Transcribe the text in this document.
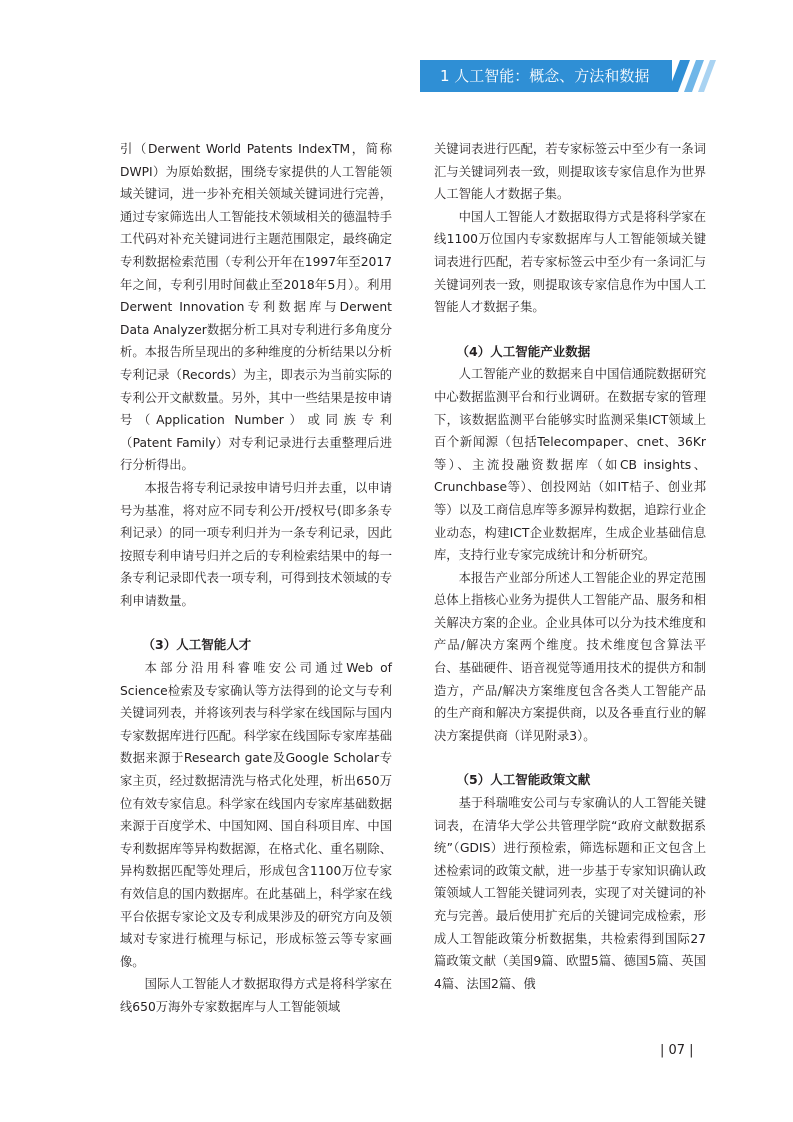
1 人工智能：概念、方法和数据

引（Derwent World Patents IndexTM，简称DWPI）为原始数据，围绕专家提供的人工智能领域关键词，进一步补充相关领域关键词进行完善，通过专家筛选出人工智能技术领域相关的德温特手工代码对补充关键词进行主题范围限定，最终确定专利数据检索范围（专利公开年在1997年至2017年之间，专利引用时间截止至2018年5月）。利用Derwent Innovation专利数据库与Derwent Data Analyzer数据分析工具对专利进行多角度分析。本报告所呈现出的多种维度的分析结果以分析专利记录（Records）为主，即表示为当前实际的专利公开文献数量。另外，其中一些结果是按申请号（Application Number）或同族专利（Patent Family）对专利记录进行去重整理后进行分析得出。

本报告将专利记录按申请号归并去重，以申请号为基准，将对应不同专利公开/授权号(即多条专利记录）的同一项专利归并为一条专利记录，因此按照专利申请号归并之后的专利检索结果中的每一条专利记录即代表一项专利，可得到技术领域的专利申请数量。

（3）人工智能人才

本部分沿用科睿唯安公司通过Web of Science检索及专家确认等方法得到的论文与专利关键词列表，并将该列表与科学家在线国际与国内专家数据库进行匹配。科学家在线国际专家库基础数据来源于Research gate及Google Scholar专家主页，经过数据清洗与格式化处理，析出650万位有效专家信息。科学家在线国内专家库基础数据来源于百度学术、中国知网、国自科项目库、中国专利数据库等异构数据源，在格式化、重名剔除、异构数据匹配等处理后，形成包含1100万位专家有效信息的国内数据库。在此基础上，科学家在线平台依据专家论文及专利成果涉及的研究方向及领域对专家进行梳理与标记，形成标签云等专家画像。

国际人工智能人才数据取得方式是将科学家在线650万海外专家数据库与人工智能领域

关键词表进行匹配，若专家标签云中至少有一条词汇与关键词列表一致，则提取该专家信息作为世界人工智能人才数据子集。

中国人工智能人才数据取得方式是将科学家在线1100万位国内专家数据库与人工智能领域关键词表进行匹配，若专家标签云中至少有一条词汇与关键词列表一致，则提取该专家信息作为中国人工智能人才数据子集。

（4）人工智能产业数据

人工智能产业的数据来自中国信通院数据研究中心数据监测平台和行业调研。在数据专家的管理下，该数据监测平台能够实时监测采集ICT领域上百个新闻源（包括Telecompaper、cnet、36Kr等）、主流投融资数据库（如CB insights、Crunchbase等）、创投网站（如IT桔子、创业邦等）以及工商信息库等多源异构数据，追踪行业企业动态，构建ICT企业数据库，生成企业基础信息库，支持行业专家完成统计和分析研究。

本报告产业部分所述人工智能企业的界定范围总体上指核心业务为提供人工智能产品、服务和相关解决方案的企业。企业具体可以分为技术维度和产品/解决方案两个维度。技术维度包含算法平台、基础硬件、语音视觉等通用技术的提供方和制造方，产品/解决方案维度包含各类人工智能产品的生产商和解决方案提供商，以及各垂直行业的解决方案提供商（详见附录3）。

（5）人工智能政策文献

基于科瑞唯安公司与专家确认的人工智能关键词表，在清华大学公共管理学院“政府文献数据系统”（GDIS）进行预检索，筛选标题和正文包含上述检索词的政策文献，进一步基于专家知识确认政策领域人工智能关键词列表，实现了对关键词的补充与完善。最后使用扩充后的关键词完成检索，形成人工智能政策分析数据集，共检索得到国际27篇政策文献（美国9篇、欧盟5篇、德国5篇、英国4篇、法国2篇、俄

| 07 |
